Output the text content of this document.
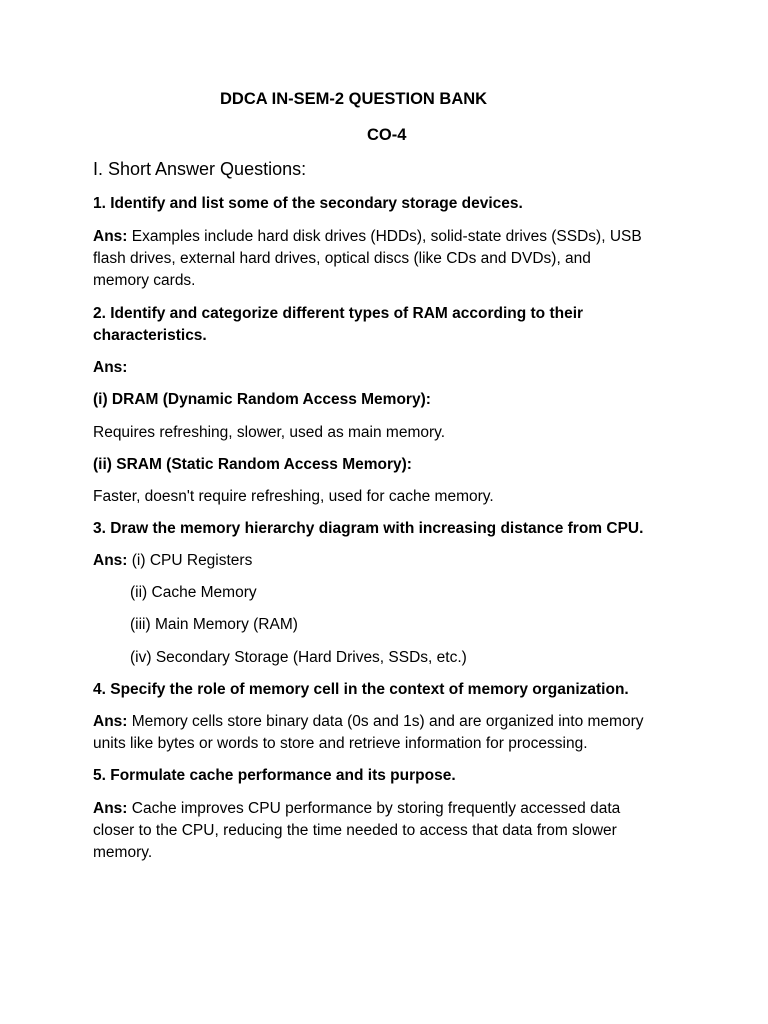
DDCA IN-SEM-2 QUESTION BANK
CO-4
I. Short Answer Questions:
1. Identify and list some of the secondary storage devices.
Ans: Examples include hard disk drives (HDDs), solid-state drives (SSDs), USB
flash drives, external hard drives, optical discs (like CDs and DVDs), and
memory cards.
2. Identify and categorize different types of RAM according to their
characteristics.
Ans:
(i) DRAM (Dynamic Random Access Memory):
Requires refreshing, slower, used as main memory.
(ii) SRAM (Static Random Access Memory):
Faster, doesn't require refreshing, used for cache memory.
3. Draw the memory hierarchy diagram with increasing distance from CPU.
Ans: (i) CPU Registers
(ii) Cache Memory
(iii) Main Memory (RAM)
(iv) Secondary Storage (Hard Drives, SSDs, etc.)
4. Specify the role of memory cell in the context of memory organization.
Ans: Memory cells store binary data (0s and 1s) and are organized into memory
units like bytes or words to store and retrieve information for processing.
5. Formulate cache performance and its purpose.
Ans: Cache improves CPU performance by storing frequently accessed data
closer to the CPU, reducing the time needed to access that data from slower
memory.
